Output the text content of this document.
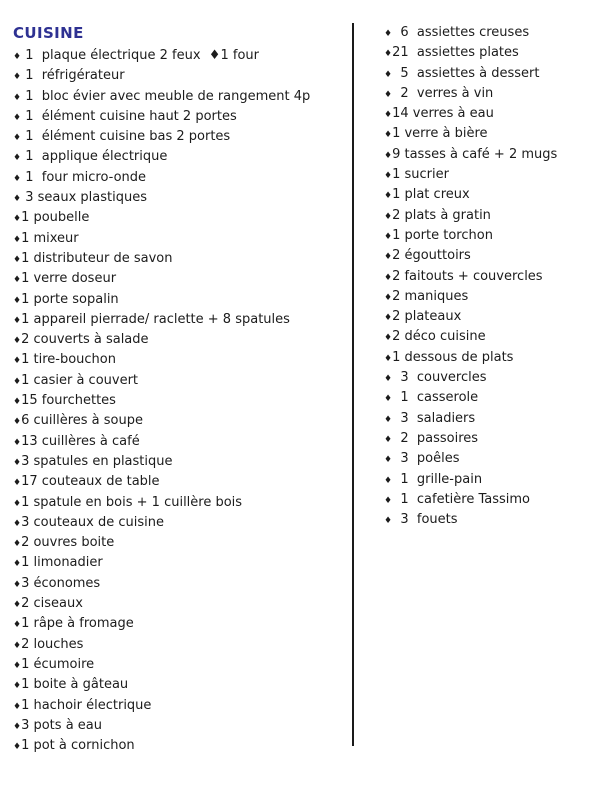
CUISINE
♦ 1  plaque électrique 2 feux  ♦1 four
♦ 1  réfrigérateur
♦ 1  bloc évier avec meuble de rangement 4p
♦ 1  élément cuisine haut 2 portes
♦ 1  élément cuisine bas 2 portes
♦ 1  applique électrique
♦ 1  four micro-onde
♦ 3 seaux plastiques
♦1 poubelle
♦1 mixeur
♦1 distributeur de savon
♦1 verre doseur
♦1 porte sopalin
♦1 appareil pierrade/ raclette + 8 spatules
♦2 couverts à salade
♦1 tire-bouchon
♦1 casier à couvert
♦15 fourchettes
♦6 cuillères à soupe
♦13 cuillères à café
♦3 spatules en plastique
♦17 couteaux de table
♦1 spatule en bois + 1 cuillère bois
♦3 couteaux de cuisine
♦2 ouvres boite
♦1 limonadier
♦3 économes
♦2 ciseaux
♦1 râpe à fromage
♦2 louches
♦1 écumoire
♦1 boite à gâteau
♦1 hachoir électrique
♦3 pots à eau
♦1 pot à cornichon
♦  6  assiettes creuses
♦21  assiettes plates
♦  5  assiettes à dessert
♦  2  verres à vin
♦14 verres à eau
♦1 verre à bière
♦9 tasses à café + 2 mugs
♦1 sucrier
♦1 plat creux
♦2 plats à gratin
♦1 porte torchon
♦2 égouttoirs
♦2 faitouts + couvercles
♦2 maniques
♦2 plateaux
♦2 déco cuisine
♦1 dessous de plats
♦  3  couvercles
♦  1  casserole
♦  3  saladiers
♦  2  passoires
♦  3  poêles
♦  1  grille-pain
♦  1  cafetière Tassimo
♦  3  fouets
